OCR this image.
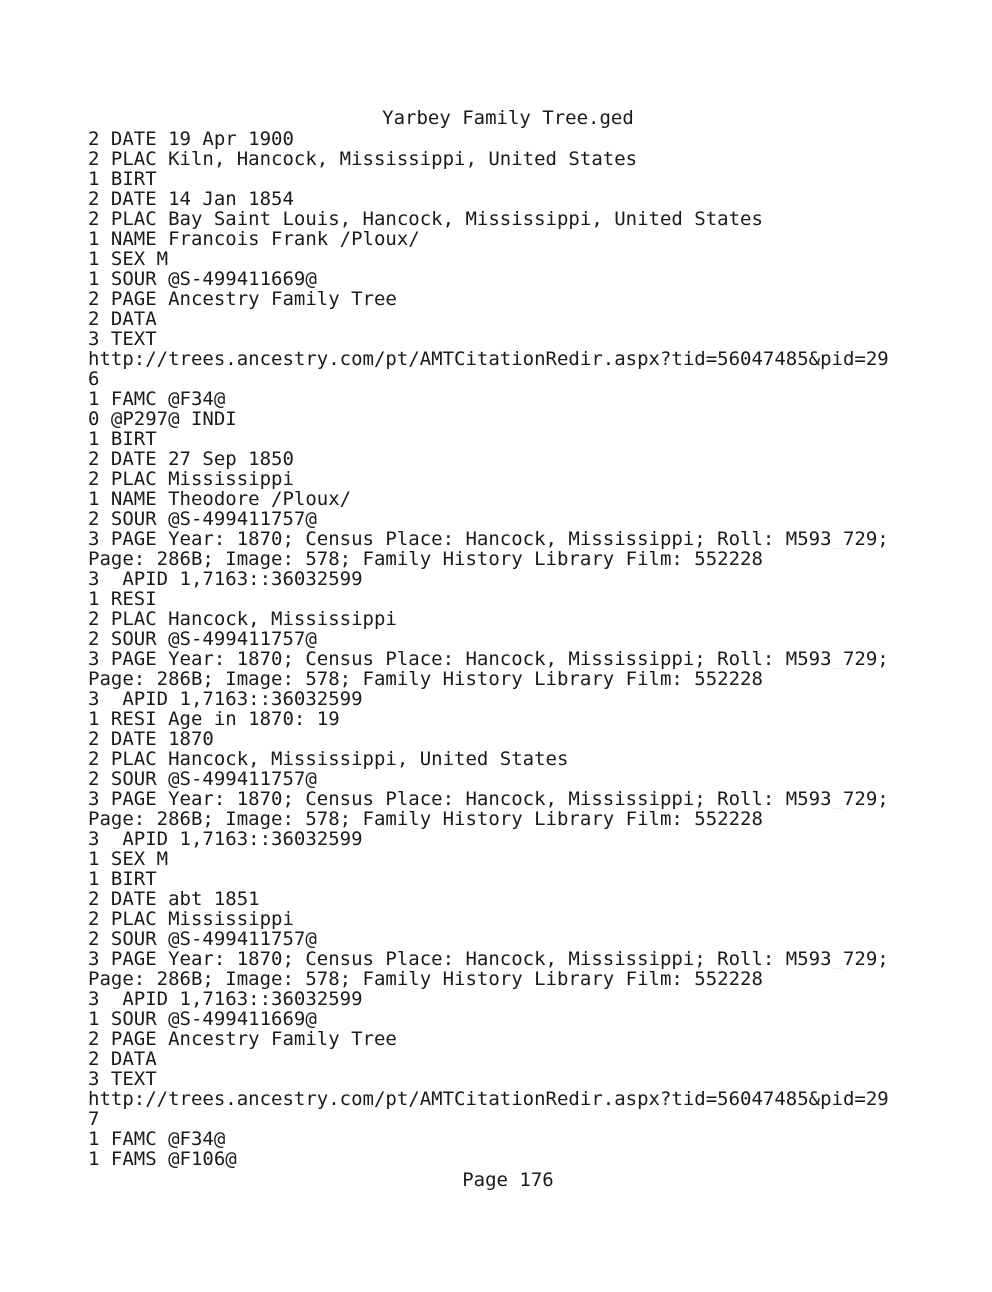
Yarbey Family Tree.ged
2 DATE 19 Apr 1900
2 PLAC Kiln, Hancock, Mississippi, United States
1 BIRT
2 DATE 14 Jan 1854
2 PLAC Bay Saint Louis, Hancock, Mississippi, United States
1 NAME Francois Frank /Ploux/
1 SEX M
1 SOUR @S-499411669@
2 PAGE Ancestry Family Tree
2 DATA
3 TEXT
http://trees.ancestry.com/pt/AMTCitationRedir.aspx?tid=56047485&pid=29
6
1 FAMC @F34@
0 @P297@ INDI
1 BIRT
2 DATE 27 Sep 1850
2 PLAC Mississippi
1 NAME Theodore /Ploux/
2 SOUR @S-499411757@
3 PAGE Year: 1870; Census Place: Hancock, Mississippi; Roll: M593_729;
Page: 286B; Image: 578; Family History Library Film: 552228
3 _APID 1,7163::36032599
1 RESI
2 PLAC Hancock, Mississippi
2 SOUR @S-499411757@
3 PAGE Year: 1870; Census Place: Hancock, Mississippi; Roll: M593_729;
Page: 286B; Image: 578; Family History Library Film: 552228
3 _APID 1,7163::36032599
1 RESI Age in 1870: 19
2 DATE 1870
2 PLAC Hancock, Mississippi, United States
2 SOUR @S-499411757@
3 PAGE Year: 1870; Census Place: Hancock, Mississippi; Roll: M593_729;
Page: 286B; Image: 578; Family History Library Film: 552228
3 _APID 1,7163::36032599
1 SEX M
1 BIRT
2 DATE abt 1851
2 PLAC Mississippi
2 SOUR @S-499411757@
3 PAGE Year: 1870; Census Place: Hancock, Mississippi; Roll: M593_729;
Page: 286B; Image: 578; Family History Library Film: 552228
3 _APID 1,7163::36032599
1 SOUR @S-499411669@
2 PAGE Ancestry Family Tree
2 DATA
3 TEXT
http://trees.ancestry.com/pt/AMTCitationRedir.aspx?tid=56047485&pid=29
7
1 FAMC @F34@
1 FAMS @F106@
Page 176
